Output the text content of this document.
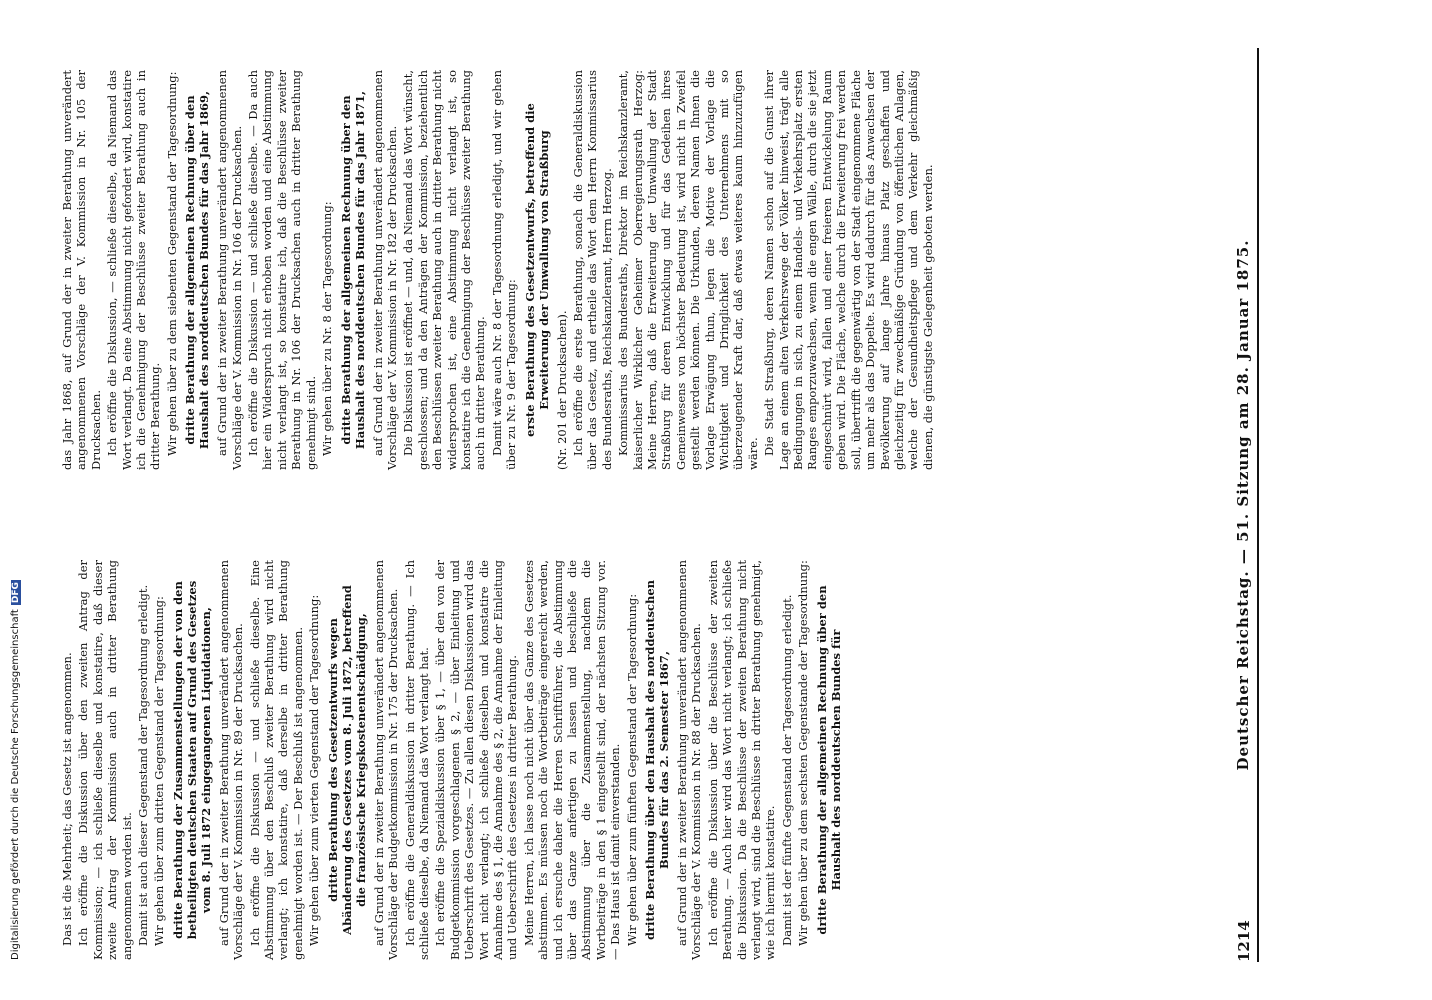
1214
Deutscher Reichstag. — 51. Sitzung am 28. Januar 1875.

Das ist die Mehrheit; das Gesetz ist angenommen. Ich eröffne die Diskussion über den zweiten Antrag der Kommission; — ich schließe dieselbe und konstatire, daß dieser zweite Antrag der Kommission auch in dritter Berathung angenommen worden ist. Damit ist auch dieser Gegenstand der Tagesordnung erledigt. Wir gehen über zum dritten Gegenstand der Tagesordnung: dritte Berathung der Zusammenstellungen der von den betheiligten deutschen Staaten auf Grund des Gesetzes vom 8. Juli 1872 eingegangenen Liquidationen, auf Grund der in zweiter Berathung unverändert angenommenen Vorschläge der V. Kommission in Nr. 89 der Drucksachen. Ich eröffne die Diskussion — und schließe dieselbe. Eine Abstimmung über den Beschluß zweiter Berathung wird nicht verlangt; ich konstatire, daß derselbe in dritter Berathung genehmigt worden ist. — Der Beschluß ist angenommen. Wir gehen über zum vierten Gegenstand der Tagesordnung: dritte Berathung des Gesetzentwurfs wegen Abänderung des Gesetzes vom 8. Juli 1872, betreffend die französische Kriegskostenentschädigung, auf Grund der in zweiter Berathung unverändert angenommenen Vorschläge der Budgetkommission in Nr. 175 der Drucksachen. Ich eröffne die Generaldiskussion in dritter Berathung. — Ich schließe dieselbe, da Niemand das Wort verlangt hat. Ich eröffne die Spezialdiskussion über § 1, — über den von der Budgetkommission vorgeschlagenen § 2, — über Einleitung und Ueberschrift des Gesetzes. — Zu allen diesen Diskussionen wird das Wort nicht verlangt; ich schließe dieselben und konstatire die Annahme des § 1, die Annahme des § 2, die Annahme der Einleitung und Ueberschrift des Gesetzes in dritter Berathung. Meine Herren, ich lasse noch nicht über das Ganze des Gesetzes abstimmen. Es müssen noch die Wortbeiträge eingereicht werden, und ich ersuche daher die Herren Schriftführer, die Abstimmung über das Ganze anfertigen zu lassen und beschließe die Abstimmung über die Zusammenstellung, nachdem die Wortbeiträge in den § 1 eingestellt sind, der nächsten Sitzung vor. — Das Haus ist damit einverstanden. Wir gehen über zum fünften Gegenstand der Tagesordnung: dritte Berathung über den Haushalt des norddeutschen Bundes für das 2. Semester 1867, auf Grund der in zweiter Berathung unverändert angenommenen Vorschläge der V. Kommission in Nr. 88 der Drucksachen. Ich eröffne die Diskussion über die Beschlüsse der zweiten Berathung. — Auch hier wird das Wort nicht verlangt; ich schließe die Diskussion. Da die Beschlüsse der zweiten Berathung nicht verlangt wird, sind die Beschlüsse in dritter Berathung genehmigt, wie ich hiermit konstatire. Damit ist der fünfte Gegenstand der Tagesordnung erledigt. Wir gehen über zu dem sechsten Gegenstande der Tagesordnung: dritte Berathung der allgemeinen Rechnung über den Haushalt des norddeutschen Bundes für

das Jahr 1868, auf Grund der in zweiter Berathung unverändert angenommenen Vorschläge der V. Kommission in Nr. 105 der Drucksachen. Ich eröffne die Diskussion, — schließe dieselbe, da Niemand das Wort verlangt. Da eine Abstimmung nicht gefordert wird, konstatire ich die Genehmigung der Beschlüsse zweiter Berathung auch in dritter Berathung. Wir gehen über zu dem siebenten Gegenstand der Tagesordnung: dritte Berathung der allgemeinen Rechnung über den Haushalt des norddeutschen Bundes für das Jahr 1869, auf Grund der in zweiter Berathung unverändert angenommenen Vorschläge der V. Kommission in Nr. 106 der Drucksachen. Ich eröffne die Diskussion — und schließe dieselbe. — Da auch hier ein Widerspruch nicht erhoben worden und eine Abstimmung nicht verlangt ist, so konstatire ich, daß die Beschlüsse zweiter Berathung in Nr. 106 der Drucksachen auch in dritter Berathung genehmigt sind. Wir gehen über zu Nr. 8 der Tagesordnung: dritte Berathung der allgemeinen Rechnung über den Haushalt des norddeutschen Bundes für das Jahr 1871, auf Grund der in zweiter Berathung unverändert angenommenen Vorschläge der V. Kommission in Nr. 182 der Drucksachen. Die Diskussion ist eröffnet — und, da Niemand das Wort wünscht, geschlossen; und da den Anträgen der Kommission, beziehentlich den Beschlüssen zweiter Berathung auch in dritter Berathung nicht widersprochen ist, eine Abstimmung nicht verlangt ist, so konstatire ich die Genehmigung der Beschlüsse zweiter Berathung auch in dritter Berathung. Damit wäre auch Nr. 8 der Tagesordnung erledigt, und wir gehen über zu Nr. 9 der Tagesordnung: erste Berathung des Gesetzentwurfs, betreffend die Erweiterung der Umwallung von Straßburg (Nr. 201 der Drucksachen). Ich eröffne die erste Berathung, sonach die Generaldiskussion über das Gesetz, und ertheile das Wort dem Herrn Kommissarius des Bundesraths, Reichskanzleramt, Herrn Herzog. Kommissarius des Bundesraths, Direktor im Reichskanzleramt, kaiserlicher Wirklicher Geheimer Oberregierungsrath Herzog: Meine Herren, daß die Erweiterung der Umwallung der Stadt Straßburg für deren Entwicklung und für das Gedeihen ihres Gemeinwesens von höchster Bedeutung ist, wird nicht in Zweifel gestellt werden können. Die Urkunden, deren Namen Ihnen die Vorlage Erwägung thun, legen die Motive der Vorlage die Wichtigkeit und Dringlichkeit des Unternehmens mit so überzeugender Kraft dar, daß etwas weiteres kaum hinzuzufügen wäre. Die Stadt Straßburg, deren Namen schon auf die Gunst ihrer Lage an einem alten Verkehrswege der Völker hinweist, trägt alle Bedingungen in sich, zu einem Handels- und Verkehrsplatz ersten Ranges emporzuwachsen, wenn die engen Wälle, durch die sie jetzt eingeschnürt wird, fallen und einer freieren Entwickelung Raum geben wird. Die Fläche, welche durch die Erweiterung frei werden soll, übertrifft die gegenwärtig von der Stadt eingenommene Fläche um mehr als das Doppelte. Es wird dadurch für das Anwachsen der Bevölkerung auf lange Jahre hinaus Platz geschaffen und gleichzeitig für zweckmäßige Gründung von öffentlichen Anlagen, welche der Gesundheitspflege und dem Verkehr gleichmäßig dienen, die günstigste Gelegenheit geboten werden.

Digitalisierung gefördert durch die Deutsche ForschungsgemeinschaftDFG
